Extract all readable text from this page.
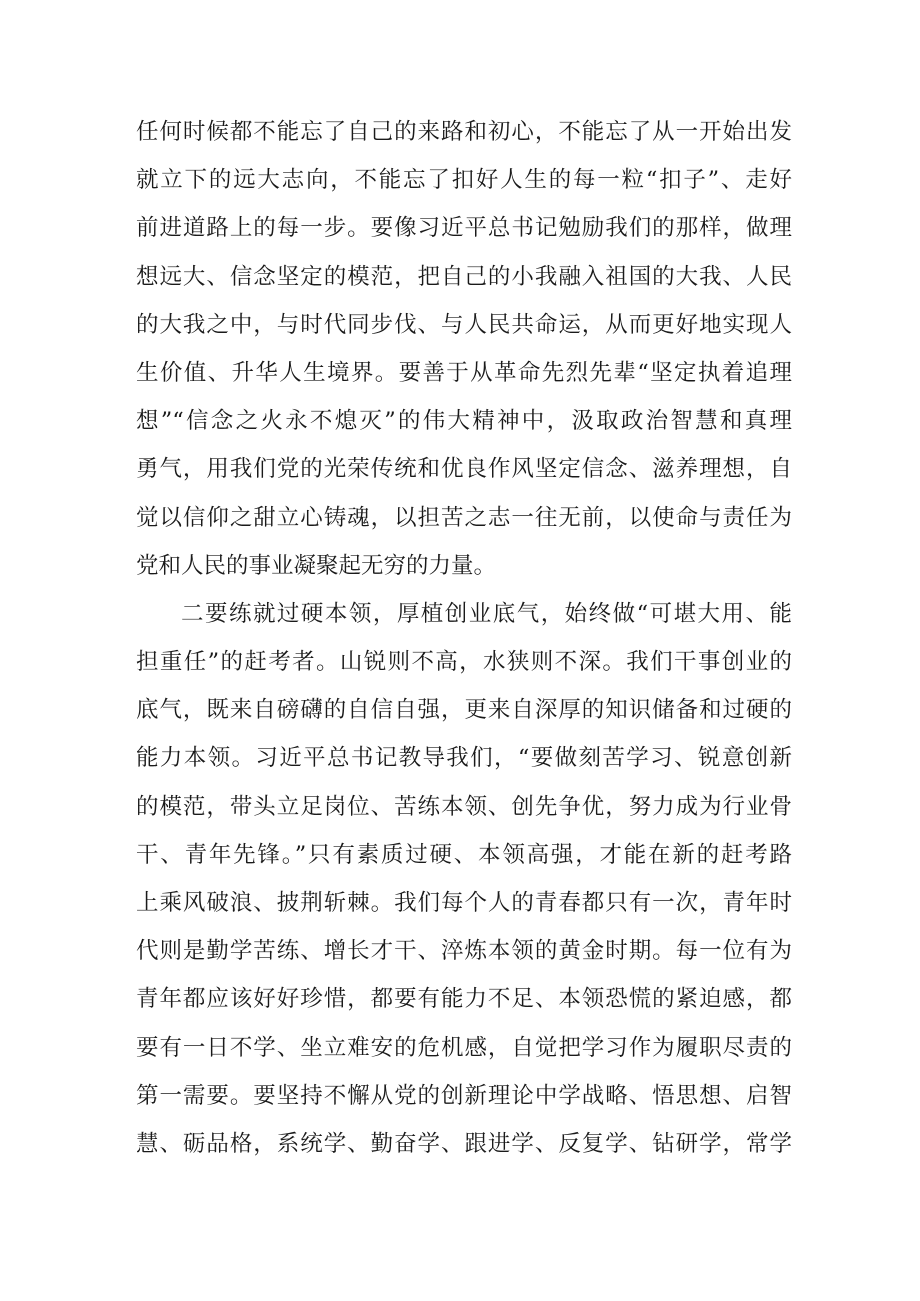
任何时候都不能忘了自己的来路和初心，不能忘了从一开始出发
就立下的远大志向，不能忘了扣好人生的每一粒“扣子”、走好
前进道路上的每一步。要像习近平总书记勉励我们的那样，做理
想远大、信念坚定的模范，把自己的小我融入祖国的大我、人民
的大我之中，与时代同步伐、与人民共命运，从而更好地实现人
生价值、升华人生境界。要善于从革命先烈先辈“坚定执着追理
想”“信念之火永不熄灭”的伟大精神中，汲取政治智慧和真理
勇气，用我们党的光荣传统和优良作风坚定信念、滋养理想，自
觉以信仰之甜立心铸魂，以担苦之志一往无前，以使命与责任为
党和人民的事业凝聚起无穷的力量。
二要练就过硬本领，厚植创业底气，始终做“可堪大用、能
担重任”的赶考者。山锐则不高，水狭则不深。我们干事创业的
底气，既来自磅礴的自信自强，更来自深厚的知识储备和过硬的
能力本领。习近平总书记教导我们，“要做刻苦学习、锐意创新
的模范，带头立足岗位、苦练本领、创先争优，努力成为行业骨
干、青年先锋。”只有素质过硬、本领高强，才能在新的赶考路
上乘风破浪、披荆斩棘。我们每个人的青春都只有一次，青年时
代则是勤学苦练、增长才干、淬炼本领的黄金时期。每一位有为
青年都应该好好珍惜，都要有能力不足、本领恐慌的紧迫感，都
要有一日不学、坐立难安的危机感，自觉把学习作为履职尽责的
第一需要。要坚持不懈从党的创新理论中学战略、悟思想、启智
慧、砺品格，系统学、勤奋学、跟进学、反复学、钻研学，常学
